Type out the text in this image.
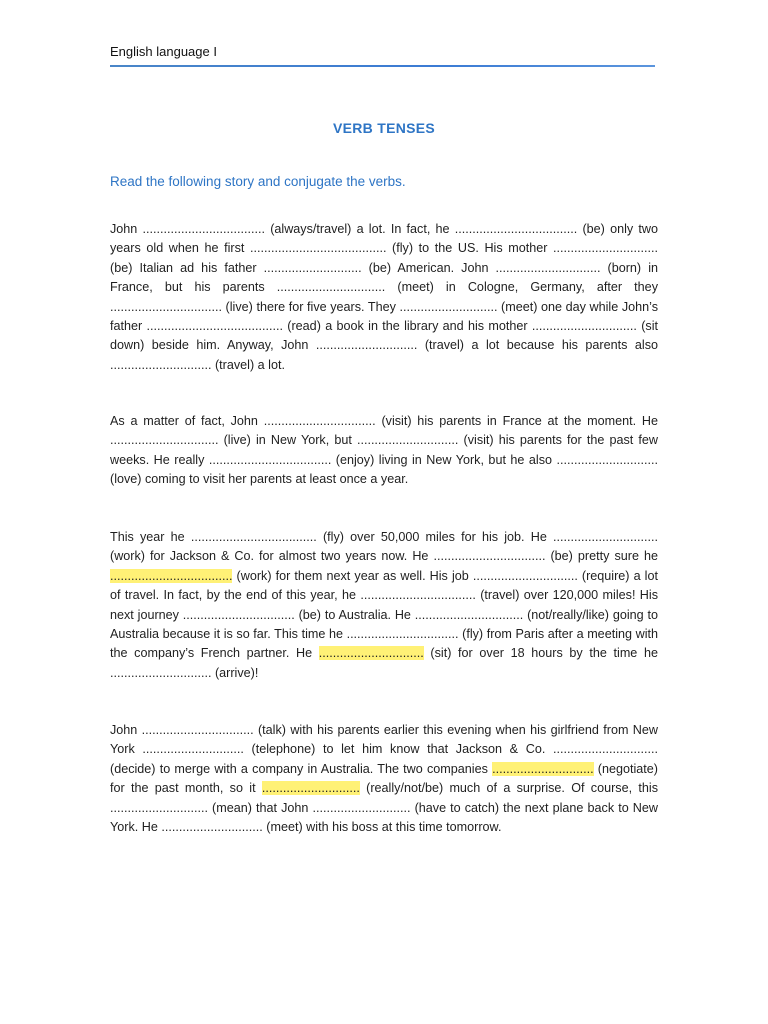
English language I
VERB TENSES
Read the following story and conjugate the verbs.
John ................................... (always/travel) a lot. In fact, he ................................... (be) only two years old when he first ....................................... (fly) to the US. His mother .............................. (be) Italian ad his father ............................ (be) American. John .............................. (born) in France, but his parents ............................... (meet) in Cologne, Germany, after they ................................ (live) there for five years. They ............................ (meet) one day while John’s father ....................................... (read) a book in the library and his mother .............................. (sit down) beside him. Anyway, John ............................. (travel) a lot because his parents also ............................. (travel) a lot.
As a matter of fact, John ................................ (visit) his parents in France at the moment. He ............................... (live) in New York, but ............................. (visit) his parents for the past few weeks. He really ................................... (enjoy) living in New York, but he also ............................. (love) coming to visit her parents at least once a year.
This year he .................................... (fly) over 50,000 miles for his job. He .............................. (work) for Jackson & Co. for almost two years now. He ................................ (be) pretty sure he ................................... (work) for them next year as well. His job .............................. (require) a lot of travel. In fact, by the end of this year, he ................................. (travel) over 120,000 miles! His next journey ................................ (be) to Australia. He ............................... (not/really/like) going to Australia because it is so far. This time he ................................ (fly) from Paris after a meeting with the company’s French partner. He .............................. (sit) for over 18 hours by the time he ............................. (arrive)!
John ................................ (talk) with his parents earlier this evening when his girlfriend from New York ............................. (telephone) to let him know that Jackson & Co. .............................. (decide) to merge with a company in Australia. The two companies ............................. (negotiate) for the past month, so it ............................ (really/not/be) much of a surprise. Of course, this ............................ (mean) that John ............................ (have to catch) the next plane back to New York. He ............................. (meet) with his boss at this time tomorrow.
